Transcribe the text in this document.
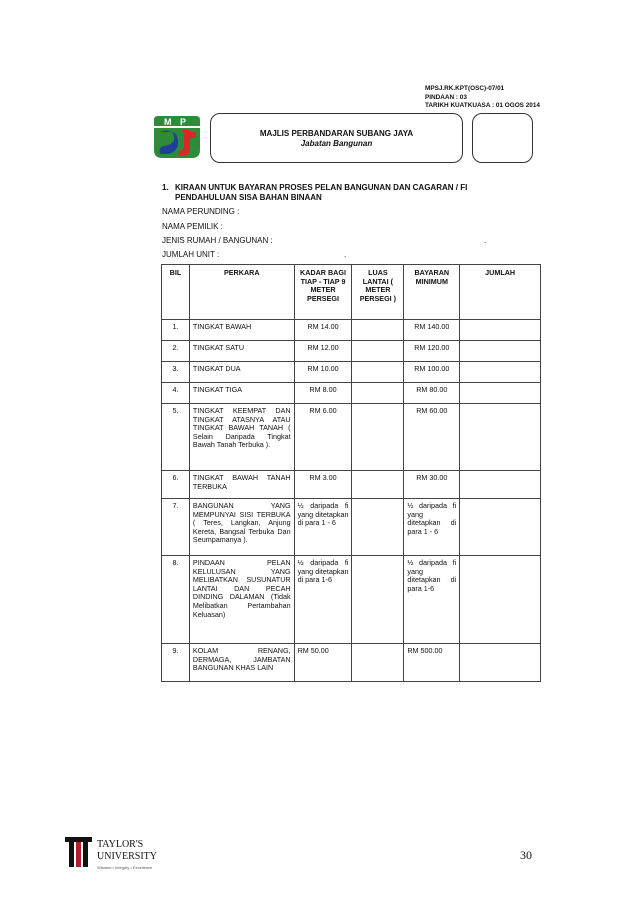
MPSJ.RK.KPT(OSC)-07/01
PINDAAN : 03
TARIKH KUATKUASA : 01 OGOS 2014
M P
MAJLIS PERBANDARAN SUBANG JAYA
Jabatan Bangunan
1. KIRAAN UNTUK BAYARAN PROSES PELAN BANGUNAN DAN CAGARAN / FI PENDAHULUAN SISA BAHAN BINAAN
NAMA PERUNDING :
NAMA PEMILIK :
JENIS RUMAH / BANGUNAN :	.
JUMLAH UNIT :	.
BIL	PERKARA	KADAR BAGI TIAP - TIAP 9 METER PERSEGI	LUAS LANTAI ( METER PERSEGI )	BAYARAN MINIMUM	JUMLAH
1.	TINGKAT BAWAH	RM 14.00		RM 140.00	
2.	TINGKAT SATU	RM 12.00		RM 120.00	
3.	TINGKAT DUA	RM 10.00		RM 100.00	
4.	TINGKAT TIGA	RM 8.00		RM 80.00	
5.	TINGKAT KEEMPAT DAN TINGKAT ATASNYA ATAU TINGKAT BAWAH TANAH ( Selain Daripada Tingkat Bawah Tanah Terbuka ).	RM 6.00		RM 60.00	
6.	TINGKAT BAWAH TANAH TERBUKA	RM 3.00		RM 30.00	
7.	BANGUNAN YANG MEMPUNYAI SISI TERBUKA ( Teres, Langkan, Anjung Kereta, Bangsal Terbuka Dan Seumpamanya ).	½ daripada fi yang ditetapkan di para 1 - 6		½ daripada fi yang ditetapkan di para 1 - 6	
8.	PINDAAN PELAN KELULUSAN YANG MELIBATKAN SUSUNATUR LANTAI DAN PECAH DINDING DALAMAN (Tidak Melibatkan Pertambahan Keluasan)	½ daripada fi yang ditetapkan di para 1-6		½ daripada fi yang ditetapkan di para 1-6	
9.	KOLAM RENANG, DERMAGA, JAMBATAN BANGUNAN KHAS LAIN	RM 50.00		RM 500.00	
TAYLOR'S
UNIVERSITY
Wisdom • Integrity • Excellence
30
